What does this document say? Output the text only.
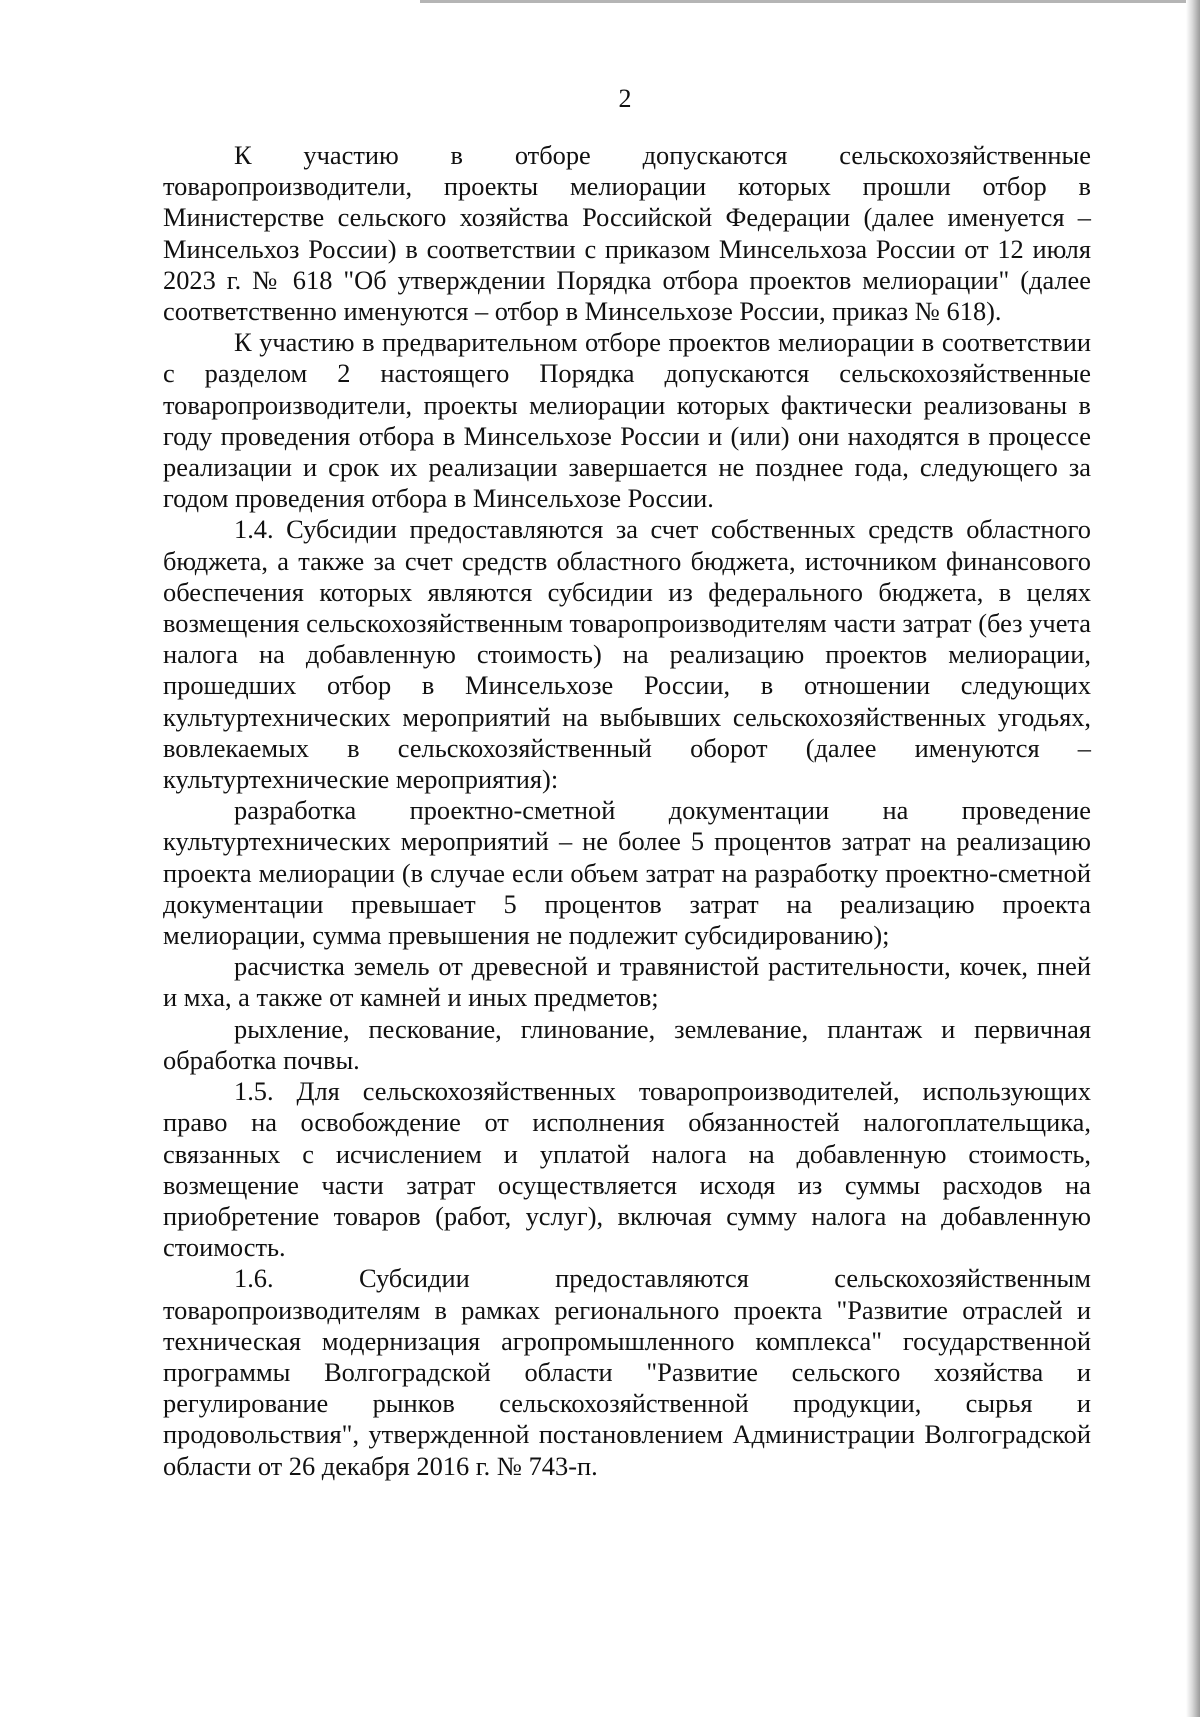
2

К участию в отборе допускаются сельскохозяйственные товаропроизводители, проекты мелиорации которых прошли отбор в Министерстве сельского хозяйства Российской Федерации (далее именуется – Минсельхоз России) в соответствии с приказом Минсельхоза России от 12 июля 2023 г. № 618 "Об утверждении Порядка отбора проектов мелиорации" (далее соответственно именуются – отбор в Минсельхозе России, приказ № 618).

К участию в предварительном отборе проектов мелиорации в соответствии с разделом 2 настоящего Порядка допускаются сельскохозяйственные товаропроизводители, проекты мелиорации которых фактически реализованы в году проведения отбора в Минсельхозе России и (или) они находятся в процессе реализации и срок их реализации завершается не позднее года, следующего за годом проведения отбора в Минсельхозе России.

1.4. Субсидии предоставляются за счет собственных средств областного бюджета, а также за счет средств областного бюджета, источником финансового обеспечения которых являются субсидии из федерального бюджета, в целях возмещения сельскохозяйственным товаропроизводителям части затрат (без учета налога на добавленную стоимость) на реализацию проектов мелиорации, прошедших отбор в Минсельхозе России, в отношении следующих культуртехнических мероприятий на выбывших сельскохозяйственных угодьях, вовлекаемых в сельскохозяйственный оборот (далее именуются – культуртехнические мероприятия):

разработка проектно-сметной документации на проведение культуртехнических мероприятий – не более 5 процентов затрат на реализацию проекта мелиорации (в случае если объем затрат на разработку проектно-сметной документации превышает 5 процентов затрат на реализацию проекта мелиорации, сумма превышения не подлежит субсидированию);

расчистка земель от древесной и травянистой растительности, кочек, пней и мха, а также от камней и иных предметов;

рыхление, пескование, глинование, землевание, плантаж и первичная обработка почвы.

1.5. Для сельскохозяйственных товаропроизводителей, использующих право на освобождение от исполнения обязанностей налогоплательщика, связанных с исчислением и уплатой налога на добавленную стоимость, возмещение части затрат осуществляется исходя из суммы расходов на приобретение товаров (работ, услуг), включая сумму налога на добавленную стоимость.

1.6. Субсидии предоставляются сельскохозяйственным товаропроизводителям в рамках регионального проекта "Развитие отраслей и техническая модернизация агропромышленного комплекса" государственной программы Волгоградской области "Развитие сельского хозяйства и регулирование рынков сельскохозяйственной продукции, сырья и продовольствия", утвержденной постановлением Администрации Волгоградской области от 26 декабря 2016 г. № 743-п.
